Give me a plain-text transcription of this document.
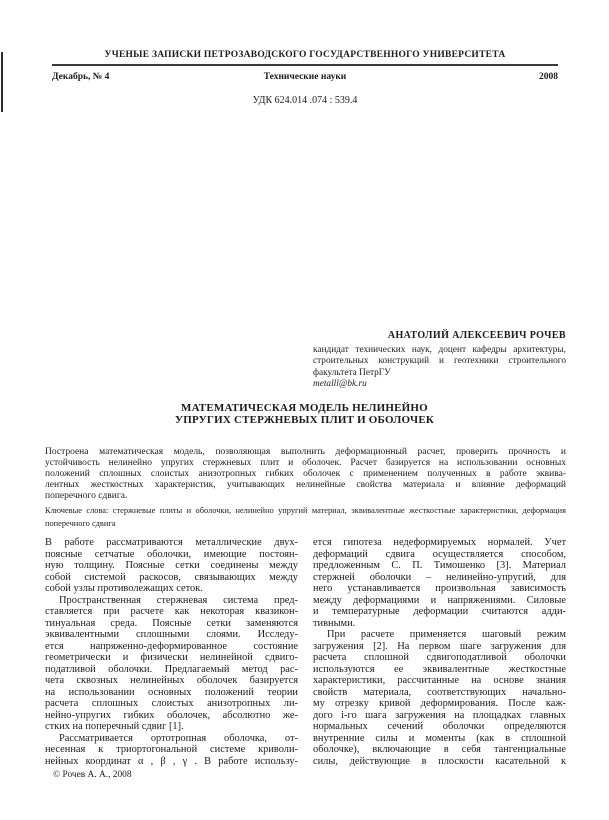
УЧЕНЫЕ ЗАПИСКИ ПЕТРОЗАВОДСКОГО ГОСУДАРСТВЕННОГО УНИВЕРСИТЕТА
Декабрь, № 4	Технические науки	2008
УДК 624.014 .074 : 539.4
АНАТОЛИЙ АЛЕКСЕЕВИЧ РОЧЕВ
кандидат технических наук, доцент кафедры архитектуры,
строительных конструкций и геотехники строительного
факультета ПетрГУ
metalll@bk.ru
МАТЕМАТИЧЕСКАЯ МОДЕЛЬ НЕЛИНЕЙНО
УПРУГИХ СТЕРЖНЕВЫХ ПЛИТ И ОБОЛОЧЕК
Построена математическая модель, позволяющая выполнить деформационный расчет, проверить прочность и
устойчивость нелинейно упругих стержневых плит и оболочек. Расчет базируется на использовании основных
положений сплошных слоистых анизотропных гибких оболочек с применением полученных в работе эквива-
лентных жесткостных характеристик, учитывающих нелинейные свойства материала и влияние деформаций
поперечного сдвига.
Ключевые слова: стержневые плиты и оболочки, нелинейно упругий материал, эквивалентные жесткостные характеристики, деформация
поперечного сдвига
В работе рассматриваются металлические двух-
поясные сетчатые оболочки, имеющие постоян-
ную толщину. Поясные сетки соединены между
собой системой раскосов, связывающих между
собой узлы противолежащих сеток.
Пространственная стержневая система пред-
ставляется при расчете как некоторая квазикон-
тинуальная среда. Поясные сетки заменяются
эквивалентными сплошными слоями. Исследу-
ется напряженно-деформированное состояние
геометрически и физически нелинейной сдвиго-
податливой оболочки. Предлагаемый метод рас-
чета сквозных нелинейных оболочек базируется
на использовании основных положений теории
расчета сплошных слоистых анизотропных ли-
нейно-упругих гибких оболочек, абсолютно же-
стких на поперечный сдвиг [1].
Рассматривается ортотропная оболочка, от-
несенная к триортогональной системе криволи-
нейных координат α , β , γ . В работе использу-
ется гипотеза недеформируемых нормалей. Учет
деформаций сдвига осуществляется способом,
предложенным С. П. Тимошенко [3]. Материал
стержней оболочки – нелинейно-упругий, для
него устанавливается произвольная зависимость
между деформациями и напряжениями. Силовые
и температурные деформации считаются адди-
тивными.
При расчете применяется шаговый режим
загружения [2]. На первом шаге загружения для
расчета сплошной сдвигоподатливой оболочки
используются ее эквивалентные жесткостные
характеристики, рассчитанные на основе знания
свойств материала, соответствующих начально-
му отрезку кривой деформирования. После каж-
дого i-го шага загружения на площадках главных
нормальных сечений оболочки определяются
внутренние силы и моменты (как в сплошной
оболочке), включающие в себя тангенциальные
силы, действующие в плоскости касательной к
© Рочев А. А., 2008
